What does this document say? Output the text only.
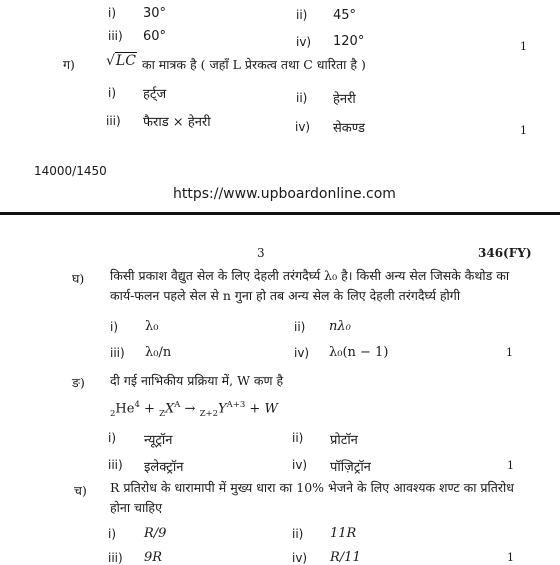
i) 30°	ii) 45°
iii) 60°	iv) 120°	1
ग) √LC का मात्रक है ( जहाँ L प्रेरकत्व तथा C धारिता है )
i) हर्ट्ज	ii) हेनरी
iii) फैराड × हेनरी	iv) सेकण्ड	1
14000/1450
https://www.upboardonline.com
3	346(FY)
घ) किसी प्रकाश वैद्युत सेल के लिए देहली तरंगदैर्घ्य λ₀ है। किसी अन्य सेल जिसके कैथोड का कार्य-फलन पहले सेल से n गुना हो तब अन्य सेल के लिए देहली तरंगदैर्घ्य होगी
i) λ₀	ii) nλ₀
iii) λ₀/n	iv) λ₀(n − 1)	1
ङ) दी गई नाभिकीय प्रक्रिया में, W कण है
$_2He^4 + _ZX^A \to _{Z+2}Y^{A+3} + W$
i) न्यूट्रॉन	ii) प्रोटॉन
iii) इलेक्ट्रॉन	iv) पॉज़िट्रॉन	1
च) R प्रतिरोध के धारामापी में मुख्य धारा का 10% भेजने के लिए आवश्यक शण्ट का प्रतिरोध होना चाहिए
i) R/9	ii) 11R
iii) 9R	iv) R/11	1
